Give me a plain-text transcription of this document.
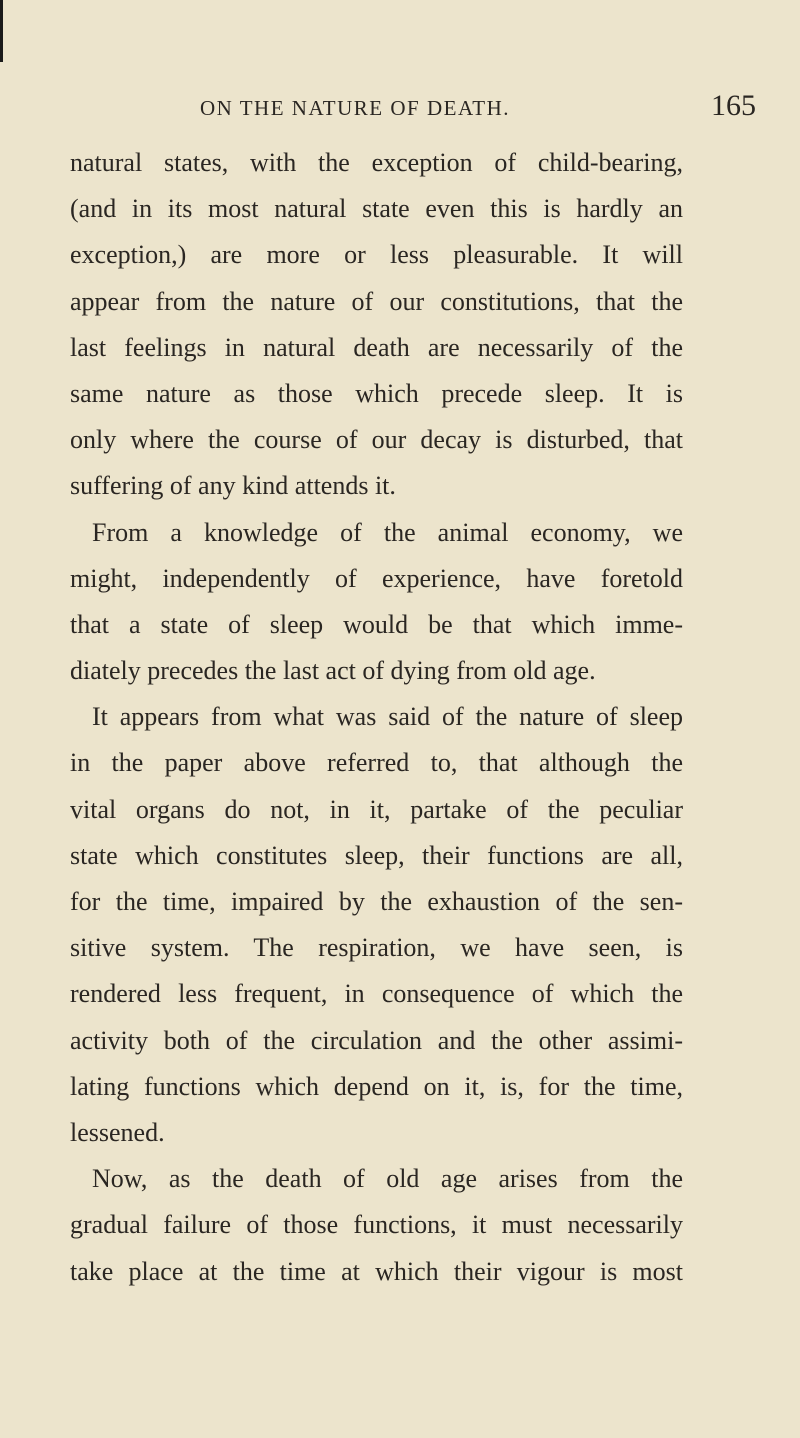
ON THE NATURE OF DEATH.	165
natural states, with the exception of child-bearing,
(and in its most natural state even this is hardly an
exception,) are more or less pleasurable. It will
appear from the nature of our constitutions, that the
last feelings in natural death are necessarily of the
same nature as those which precede sleep. It is
only where the course of our decay is disturbed, that
suffering of any kind attends it.
From a knowledge of the animal economy, we
might, independently of experience, have foretold
that a state of sleep would be that which imme-
diately precedes the last act of dying from old age.
It appears from what was said of the nature of sleep
in the paper above referred to, that although the
vital organs do not, in it, partake of the peculiar
state which constitutes sleep, their functions are all,
for the time, impaired by the exhaustion of the sen-
sitive system. The respiration, we have seen, is
rendered less frequent, in consequence of which the
activity both of the circulation and the other assimi-
lating functions which depend on it, is, for the time,
lessened.
Now, as the death of old age arises from the
gradual failure of those functions, it must necessarily
take place at the time at which their vigour is most
